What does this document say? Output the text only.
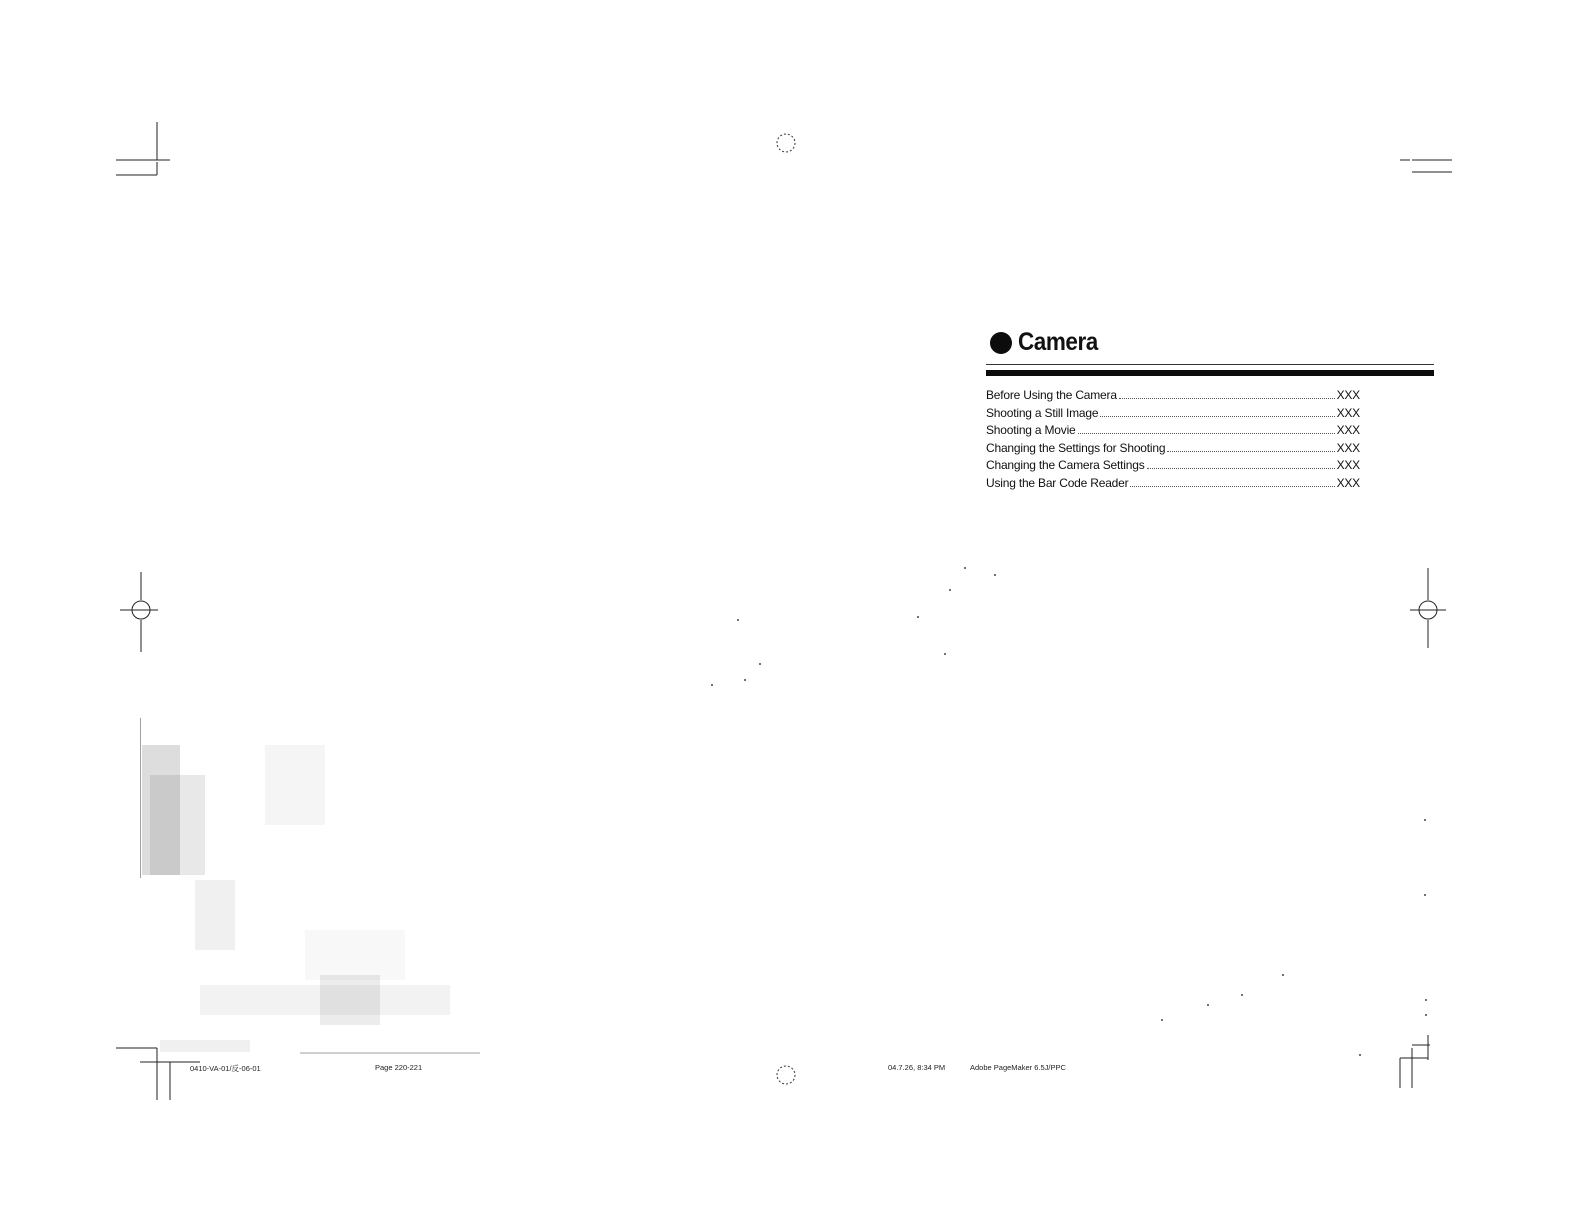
Camera
Before Using the Camera	XXX
Shooting a Still Image	XXX
Shooting a Movie	XXX
Changing the Settings for Shooting	XXX
Changing the Camera Settings	XXX
Using the Bar Code Reader	XXX
0410-VA-01/反-06-01	Page 220-221	04.7.26, 8:34 PM	Adobe PageMaker 6.5J/PPC
